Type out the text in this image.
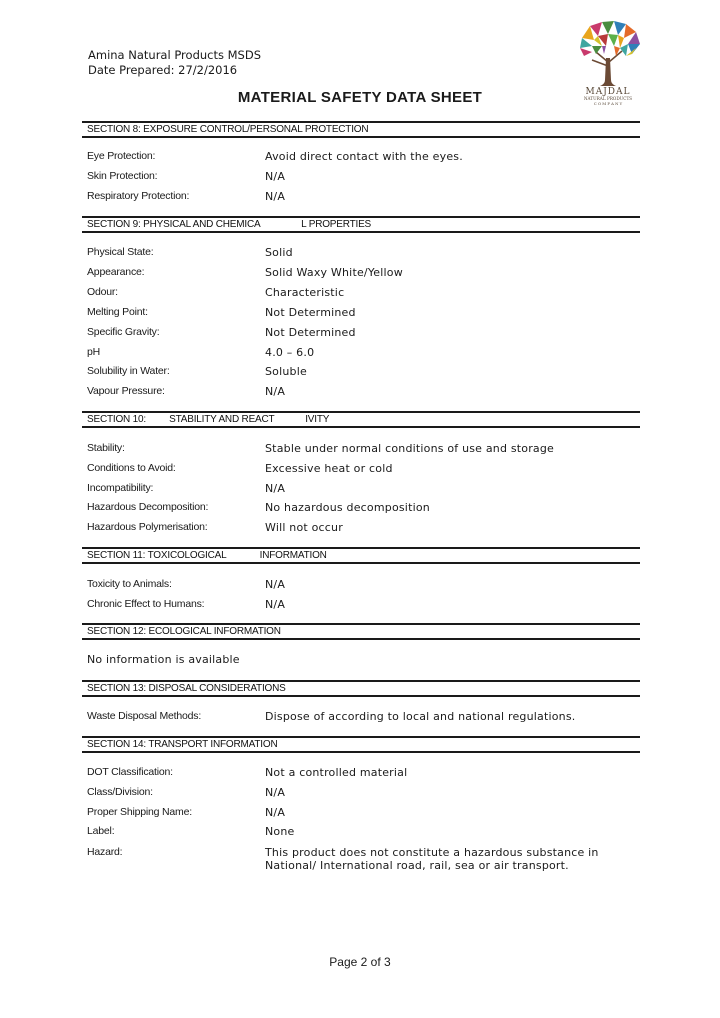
Amina Natural Products MSDS
Date Prepared: 27/2/2016
MAJDAL
NATURAL PRODUCTS
C O M P A N Y
MATERIAL SAFETY DATA SHEET
SECTION 8: EXPOSURE CONTROL/PERSONAL PROTECTION
Eye Protection:	Avoid direct contact with the eyes.
Skin Protection:	N/A
Respiratory Protection:	N/A
SECTION 9: PHYSICAL AND CHEMICA                L PROPERTIES
Physical State:	Solid
Appearance:	Solid Waxy White/Yellow
Odour:	Characteristic
Melting Point:	Not Determined
Specific Gravity:	Not Determined
pH	4.0 – 6.0
Solubility in Water:	Soluble
Vapour Pressure:	N/A
SECTION 10:         STABILITY AND REACT            IVITY
Stability:	Stable under normal conditions of use and storage
Conditions to Avoid:	Excessive heat or cold
Incompatibility:	N/A
Hazardous Decomposition:	No hazardous decomposition
Hazardous Polymerisation:	Will not occur
SECTION 11: TOXICOLOGICAL             INFORMATION
Toxicity to Animals:	N/A
Chronic Effect to Humans:	N/A
SECTION 12: ECOLOGICAL INFORMATION
No information is available
SECTION 13: DISPOSAL CONSIDERATIONS
Waste Disposal Methods:	Dispose of according to local and national regulations.
SECTION 14: TRANSPORT INFORMATION
DOT Classification:	Not a controlled material
Class/Division:	N/A
Proper Shipping Name:	N/A
Label:	None
Hazard:	This product does not constitute a hazardous substance in National/ International road, rail, sea or air transport.
Page 2 of 3
